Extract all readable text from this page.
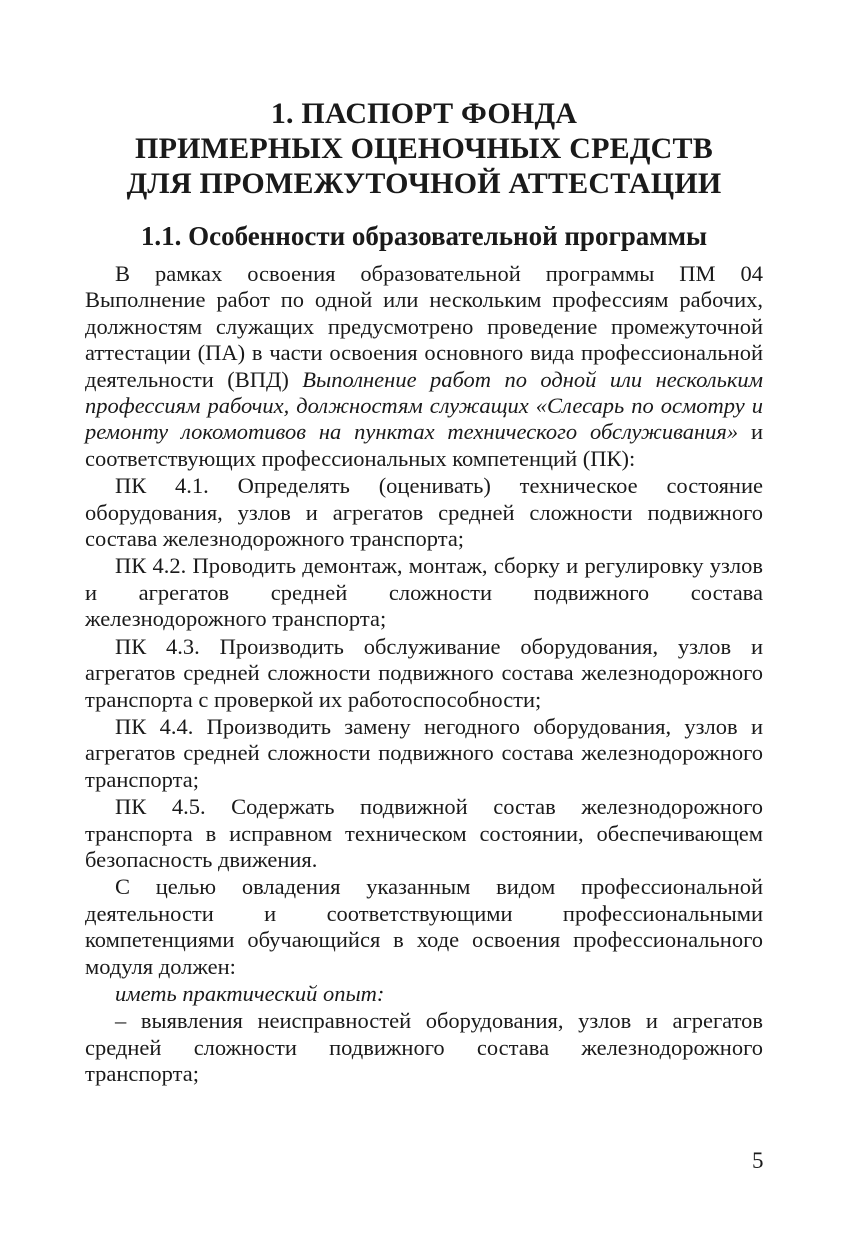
1. ПАСПОРТ ФОНДА
ПРИМЕРНЫХ ОЦЕНОЧНЫХ СРЕДСТВ
ДЛЯ ПРОМЕЖУТОЧНОЙ АТТЕСТАЦИИ
1.1. Особенности образовательной программы

В рамках освоения образовательной программы ПМ 04 Выполнение работ по одной или нескольким профессиям рабочих, должностям служащих предусмотрено проведение промежуточной аттестации (ПА) в части освоения основного вида профессиональной деятельности (ВПД) Выполнение работ по одной или нескольким профессиям рабочих, должностям служащих «Слесарь по осмотру и ремонту локомотивов на пунктах технического обслуживания» и соответствующих профессиональных компетенций (ПК):

ПК 4.1. Определять (оценивать) техническое состояние оборудования, узлов и агрегатов средней сложности подвижного состава железнодорожного транспорта;

ПК 4.2. Проводить демонтаж, монтаж, сборку и регулировку узлов и агрегатов средней сложности подвижного состава железнодорожного транспорта;

ПК 4.3. Производить обслуживание оборудования, узлов и агрегатов средней сложности подвижного состава железнодорожного транспорта с проверкой их работоспособности;

ПК 4.4. Производить замену негодного оборудования, узлов и агрегатов средней сложности подвижного состава железнодорожного транспорта;

ПК 4.5. Содержать подвижной состав железнодорожного транспорта в исправном техническом состоянии, обеспечивающем безопасность движения.

С целью овладения указанным видом профессиональной деятельности и соответствующими профессиональными компетенциями обучающийся в ходе освоения профессионального модуля должен:

иметь практический опыт:

– выявления неисправностей оборудования, узлов и агрегатов средней сложности подвижного состава железнодорожного транспорта;

5
